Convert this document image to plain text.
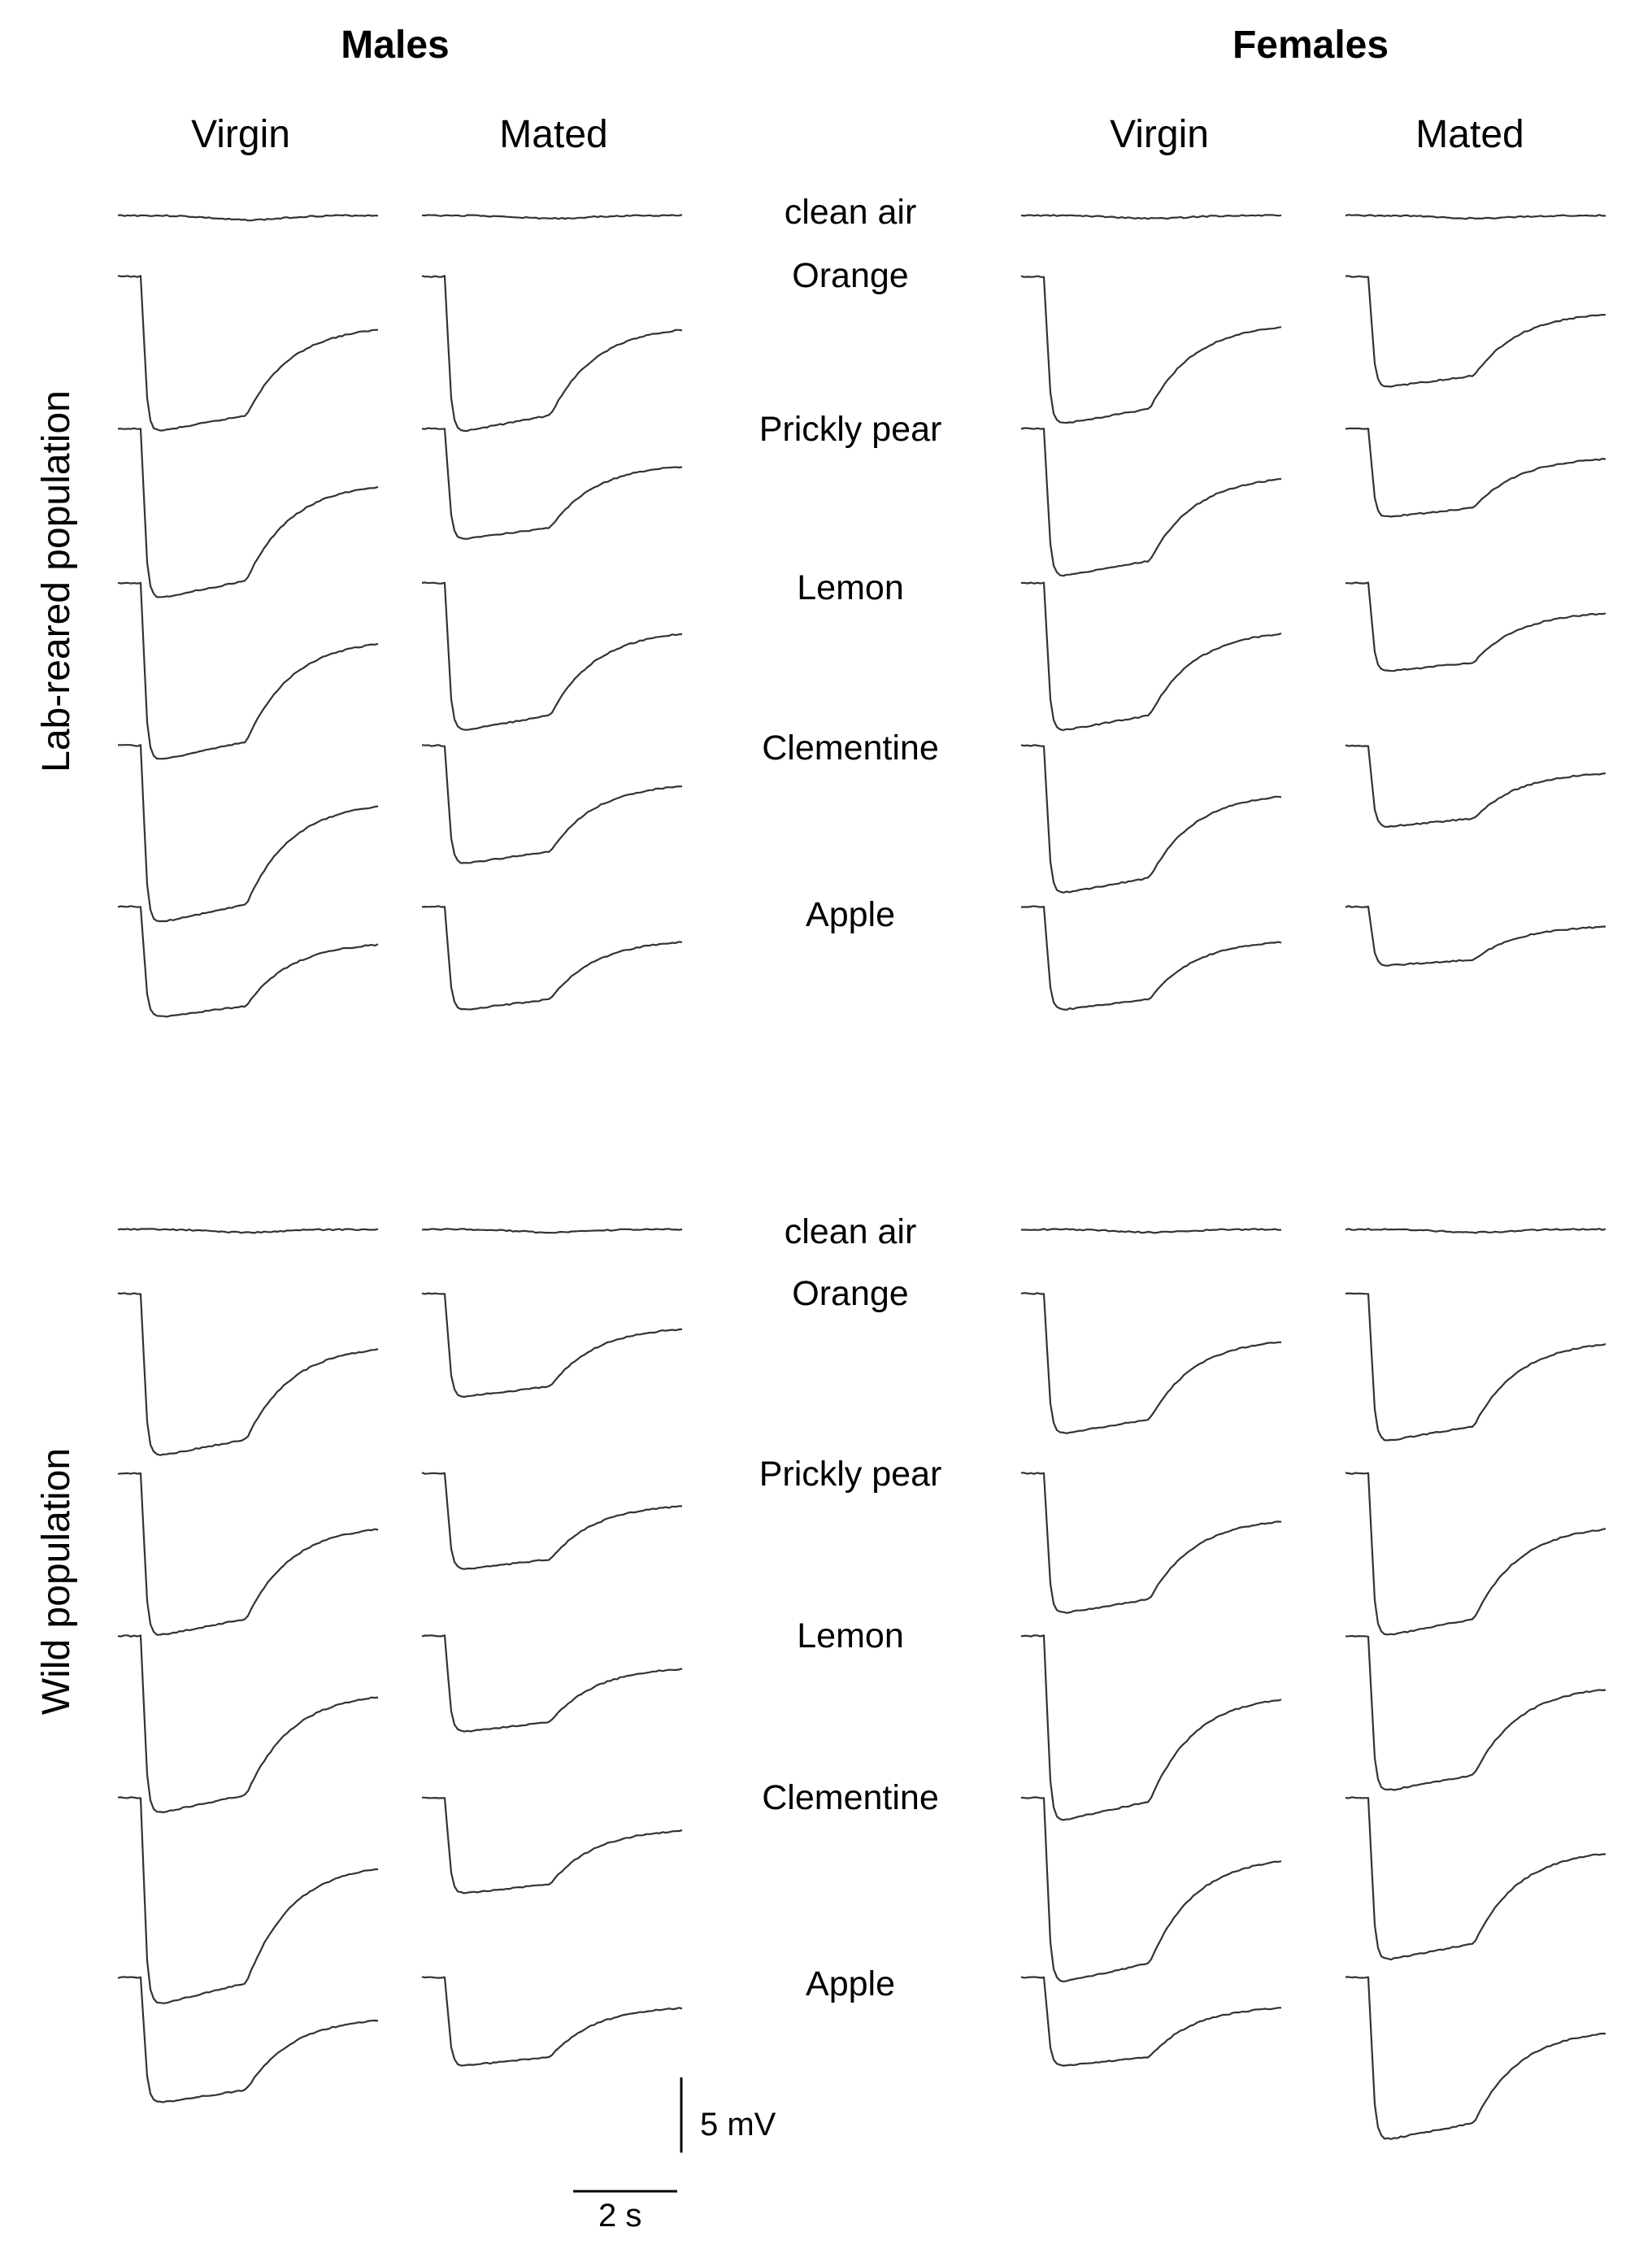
Males	Females
Virgin	Mated	Virgin	Mated
Lab-reared population
Wild population
clean air
Orange
Prickly pear
Lemon
Clementine
Apple
clean air
Orange
Prickly pear
Lemon
Clementine
Apple
5 mV
2 s
